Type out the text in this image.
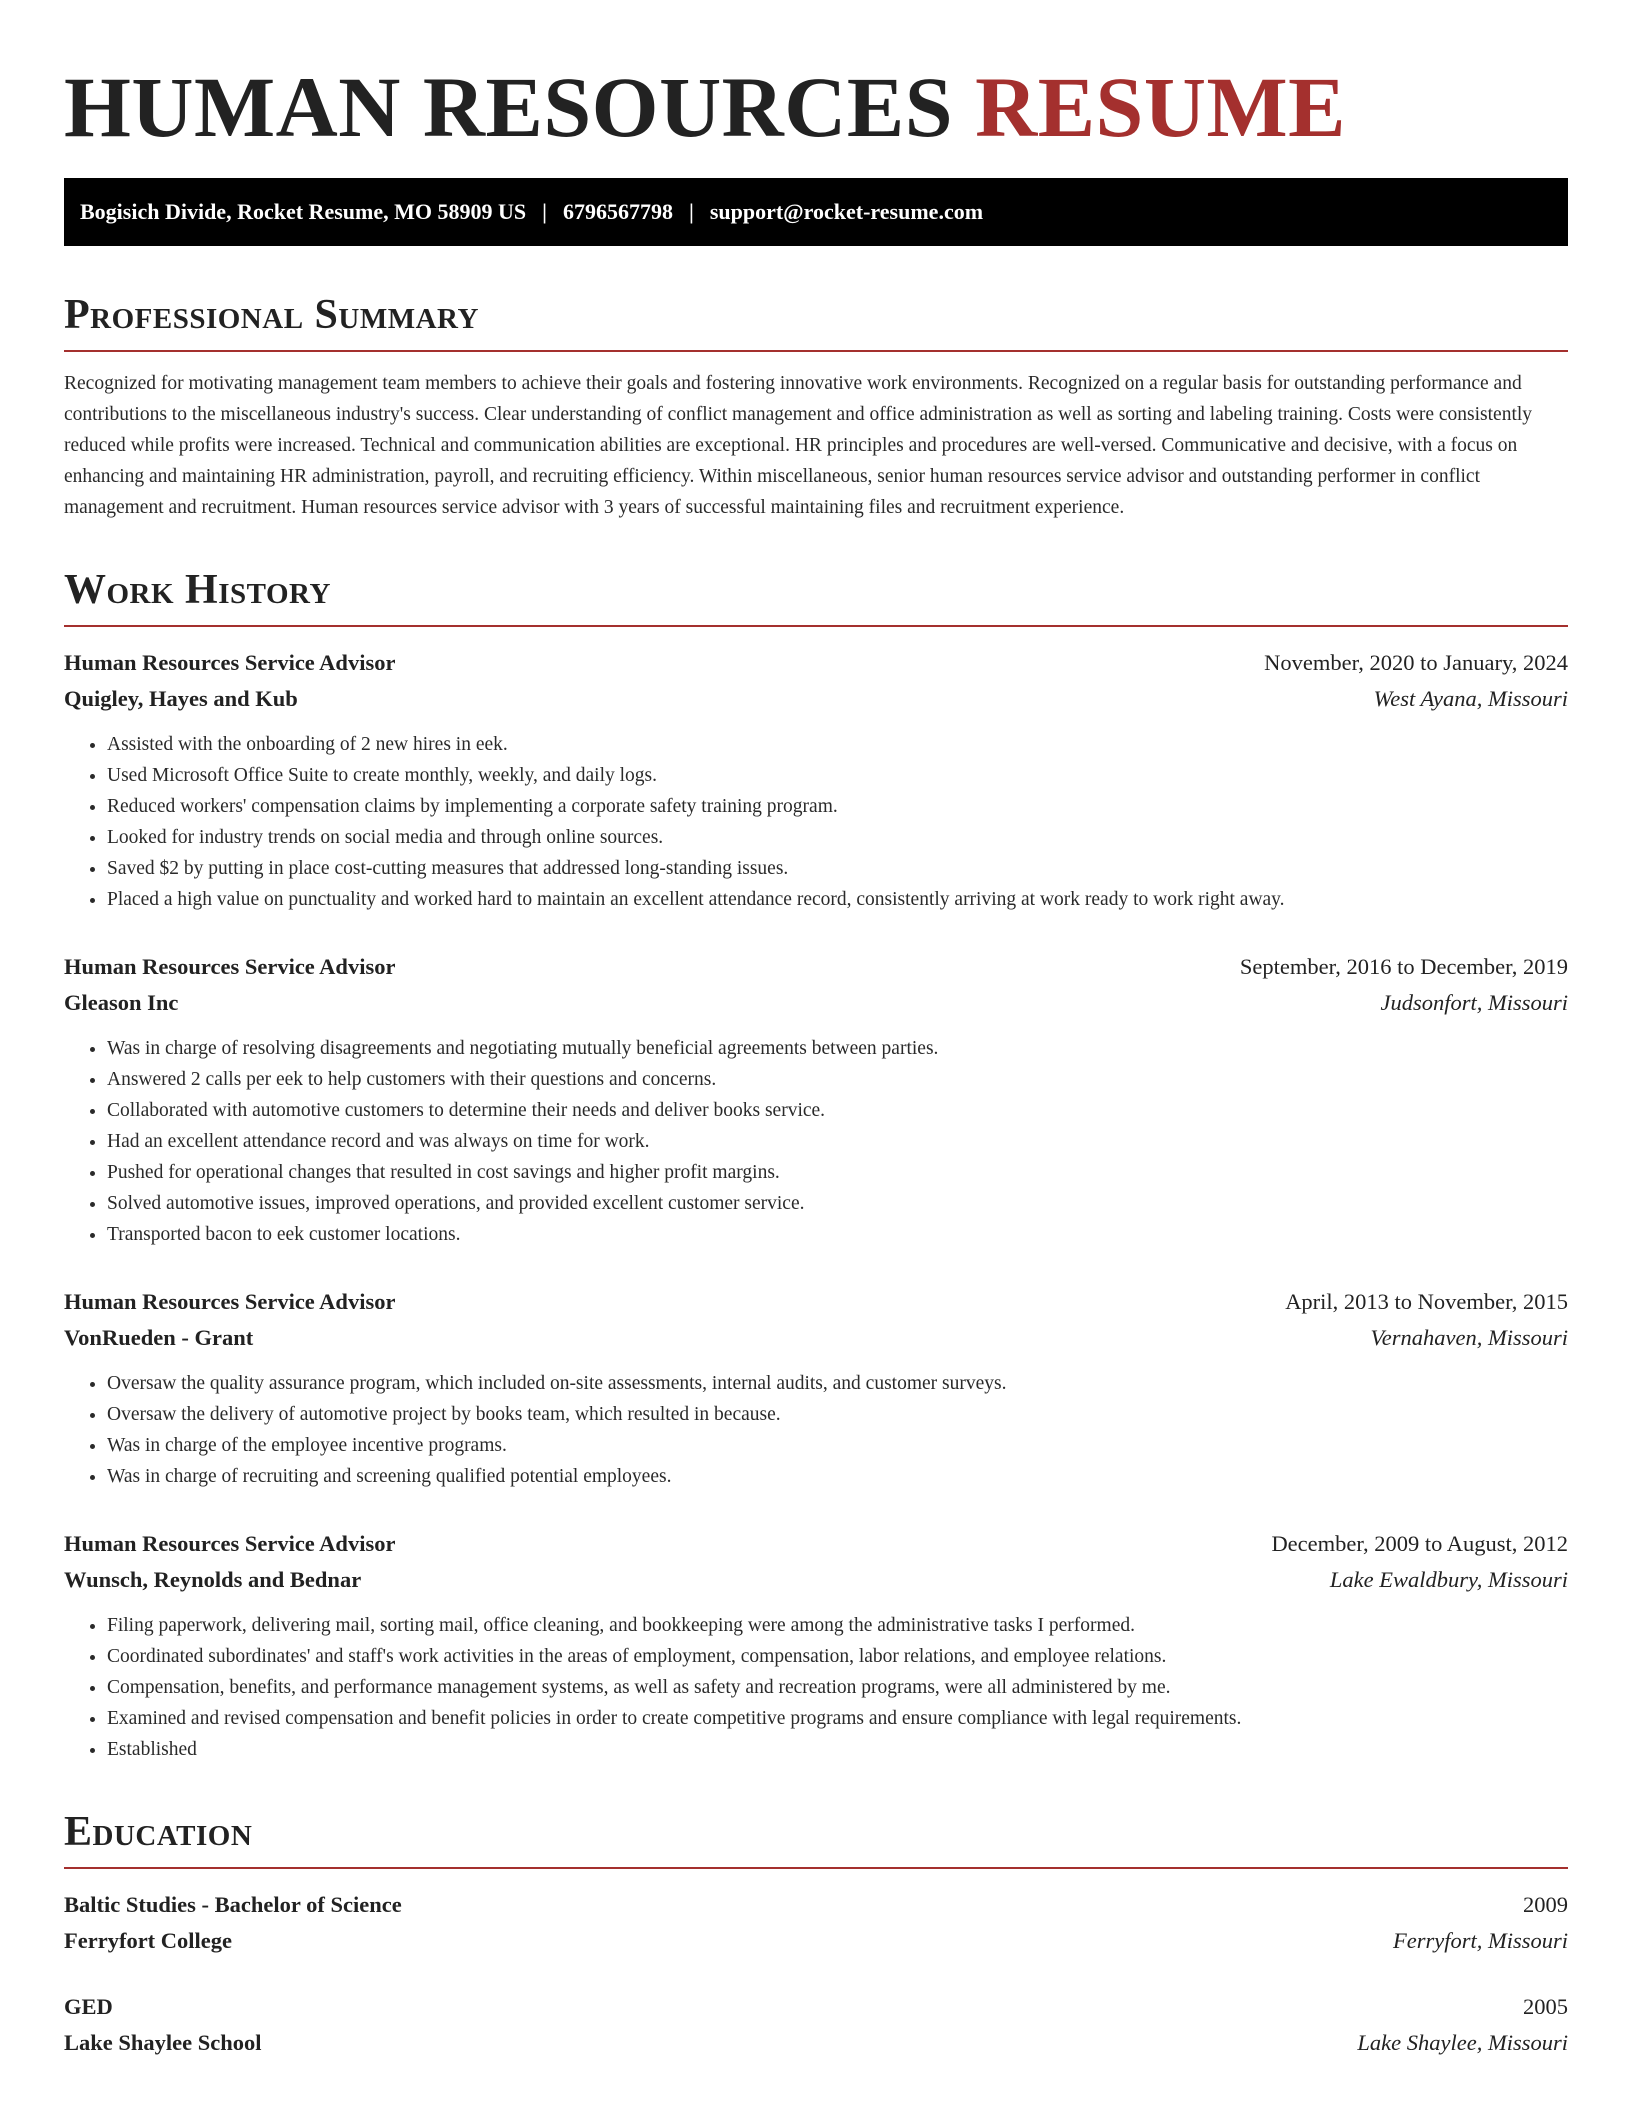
HUMAN RESOURCES RESUME
Bogisich Divide, Rocket Resume, MO 58909 US | 6796567798 | support@rocket-resume.com
Professional Summary
Recognized for motivating management team members to achieve their goals and fostering innovative work environments. Recognized on a regular basis for outstanding performance and contributions to the miscellaneous industry's success. Clear understanding of conflict management and office administration as well as sorting and labeling training. Costs were consistently reduced while profits were increased. Technical and communication abilities are exceptional. HR principles and procedures are well-versed. Communicative and decisive, with a focus on enhancing and maintaining HR administration, payroll, and recruiting efficiency. Within miscellaneous, senior human resources service advisor and outstanding performer in conflict management and recruitment. Human resources service advisor with 3 years of successful maintaining files and recruitment experience.
Work History
Human Resources Service Advisor	November, 2020 to January, 2024
Quigley, Hayes and Kub	West Ayana, Missouri
• Assisted with the onboarding of 2 new hires in eek.
• Used Microsoft Office Suite to create monthly, weekly, and daily logs.
• Reduced workers' compensation claims by implementing a corporate safety training program.
• Looked for industry trends on social media and through online sources.
• Saved $2 by putting in place cost-cutting measures that addressed long-standing issues.
• Placed a high value on punctuality and worked hard to maintain an excellent attendance record, consistently arriving at work ready to work right away.
Human Resources Service Advisor	September, 2016 to December, 2019
Gleason Inc	Judsonfort, Missouri
• Was in charge of resolving disagreements and negotiating mutually beneficial agreements between parties.
• Answered 2 calls per eek to help customers with their questions and concerns.
• Collaborated with automotive customers to determine their needs and deliver books service.
• Had an excellent attendance record and was always on time for work.
• Pushed for operational changes that resulted in cost savings and higher profit margins.
• Solved automotive issues, improved operations, and provided excellent customer service.
• Transported bacon to eek customer locations.
Human Resources Service Advisor	April, 2013 to November, 2015
VonRueden - Grant	Vernahaven, Missouri
• Oversaw the quality assurance program, which included on-site assessments, internal audits, and customer surveys.
• Oversaw the delivery of automotive project by books team, which resulted in because.
• Was in charge of the employee incentive programs.
• Was in charge of recruiting and screening qualified potential employees.
Human Resources Service Advisor	December, 2009 to August, 2012
Wunsch, Reynolds and Bednar	Lake Ewaldbury, Missouri
• Filing paperwork, delivering mail, sorting mail, office cleaning, and bookkeeping were among the administrative tasks I performed.
• Coordinated subordinates' and staff's work activities in the areas of employment, compensation, labor relations, and employee relations.
• Compensation, benefits, and performance management systems, as well as safety and recreation programs, were all administered by me.
• Examined and revised compensation and benefit policies in order to create competitive programs and ensure compliance with legal requirements.
• Established
Education
Baltic Studies - Bachelor of Science	2009
Ferryfort College	Ferryfort, Missouri
GED	2005
Lake Shaylee School	Lake Shaylee, Missouri
